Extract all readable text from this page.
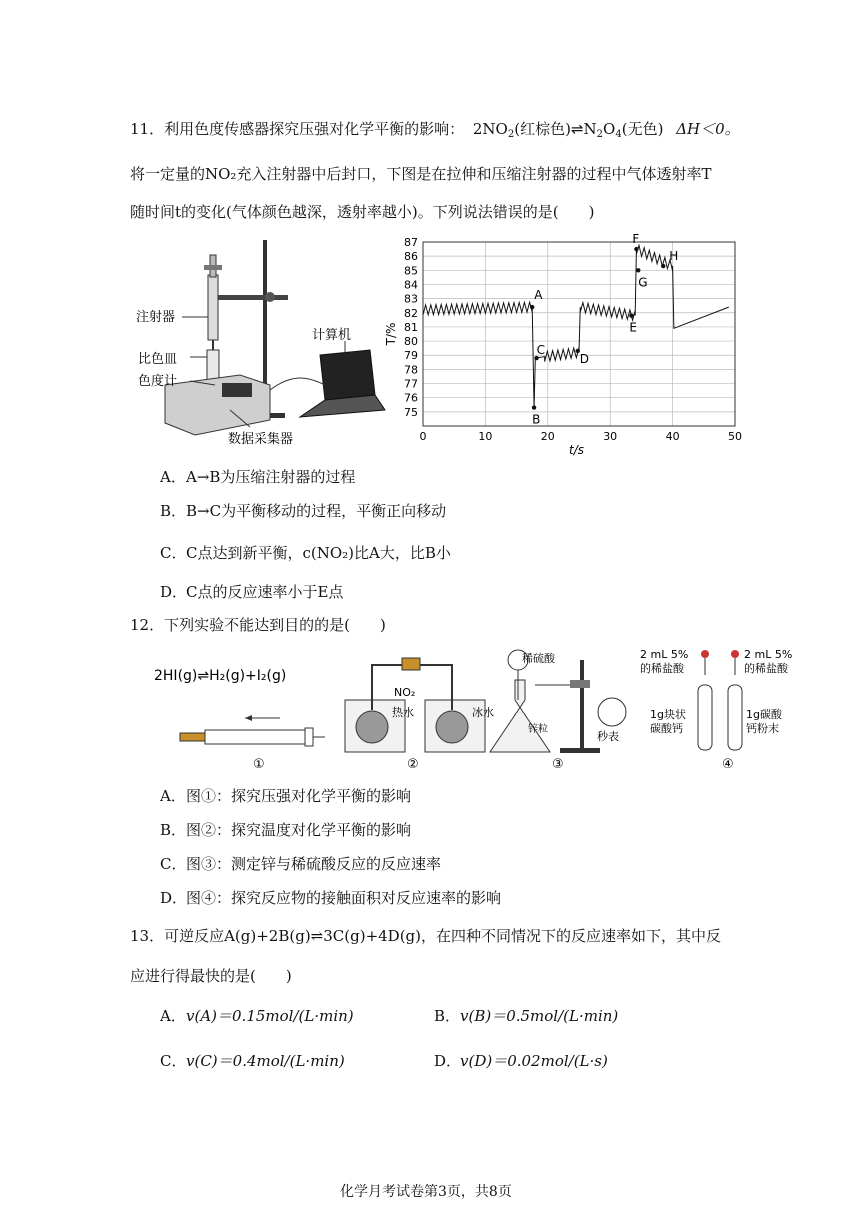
11．利用色度传感器探究压强对化学平衡的影响： $2NO_2$(红棕色)$\rightleftharpoons N_2O_4$(无色) ΔH＜0。
将一定量的NO₂充入注射器中后封口，下图是在拉伸和压缩注射器的过程中气体透射率T
随时间t的变化(气体颜色越深，透射率越小)。下列说法错误的是(　　)
注射器
比色皿
色度计
计算机
数据采集器
75
76
77
78
79
80
81
82
83
84
85
86
87
0	10	20	30	40	50
t/s
T/%
A
B
C
D
E
F
G
H
A．A→B为压缩注射器的过程
B．B→C为平衡移动的过程，平衡正向移动
C．C点达到新平衡，c(NO₂)比A大，比B小
D．C点的反应速率小于E点
12．下列实验不能达到目的的是(　　)
2HI(g)⇌H₂(g)+I₂(g)
①
NO₂
热水	冰水
②
稀硫酸
锌粒
秒表
③
2 mL 5%
的稀盐酸
2 mL 5%
的稀盐酸
1g块状
碳酸钙
1g碳酸
钙粉末
④
A．图①：探究压强对化学平衡的影响
B．图②：探究温度对化学平衡的影响
C．图③：测定锌与稀硫酸反应的反应速率
D．图④：探究反应物的接触面积对反应速率的影响
13．可逆反应A(g)+2B(g)⇌3C(g)+4D(g)，在四种不同情况下的反应速率如下，其中反
应进行得最快的是(　　)
A．v(A)＝0.15mol/(L·min)	B．v(B)＝0.5mol/(L·min)
C．v(C)＝0.4mol/(L·min)	D．v(D)＝0.02mol/(L·s)
化学月考试卷第3页，共8页
